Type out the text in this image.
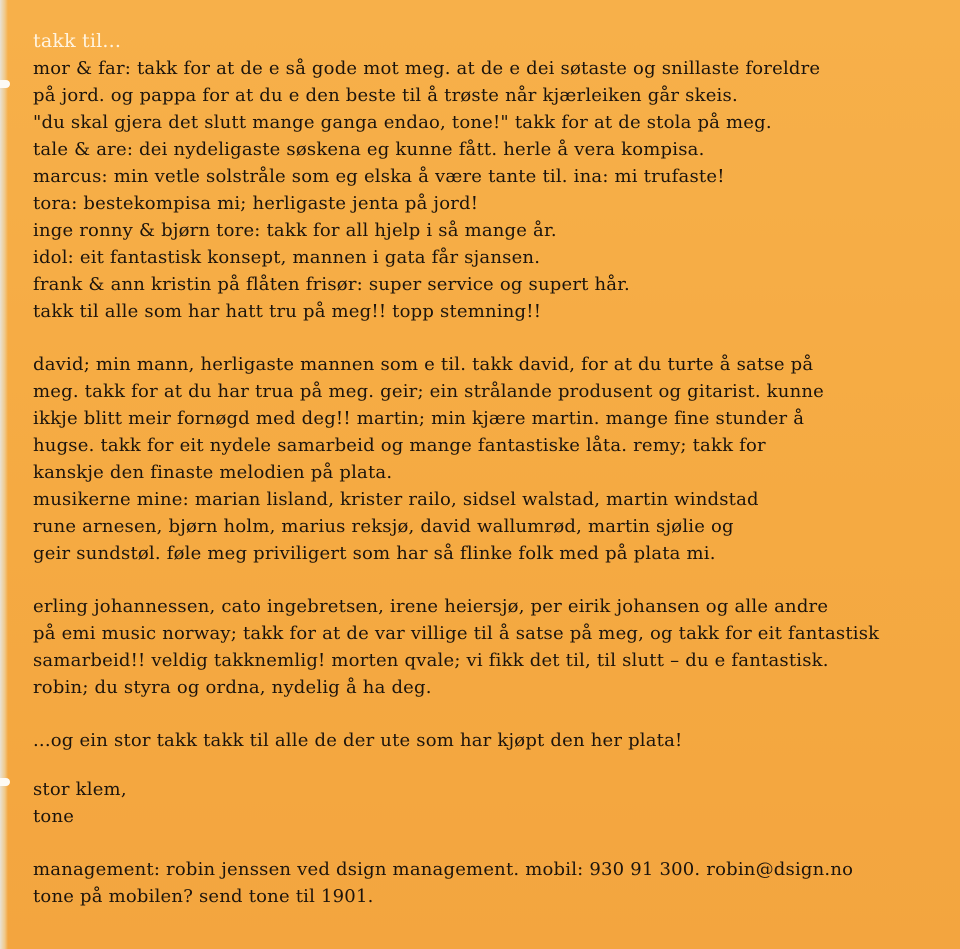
takk til...

mor & far: takk for at de e så gode mot meg. at de e dei søtaste og snillaste foreldre

på jord. og pappa for at du e den beste til å trøste når kjærleiken går skeis.

"du skal gjera det slutt mange ganga endao, tone!" takk for at de stola på meg.

tale & are: dei nydeligaste søskena eg kunne fått. herle å vera kompisa.

marcus: min vetle solstråle som eg elska å være tante til. ina: mi trufaste!

tora: bestekompisa mi; herligaste jenta på jord!

inge ronny & bjørn tore: takk for all hjelp i så mange år.

idol: eit fantastisk konsept, mannen i gata får sjansen.

frank & ann kristin på flåten frisør: super service og supert hår.

takk til alle som har hatt tru på meg!! topp stemning!!

david; min mann, herligaste mannen som e til. takk david, for at du turte å satse på

meg. takk for at du har trua på meg. geir; ein strålande produsent og gitarist. kunne

ikkje blitt meir fornøgd med deg!! martin; min kjære martin. mange fine stunder å

hugse. takk for eit nydele samarbeid og mange fantastiske låta. remy; takk for

kanskje den finaste melodien på plata.

musikerne mine: marian lisland, krister railo, sidsel walstad, martin windstad

rune arnesen, bjørn holm, marius reksjø, david wallumrød, martin sjølie og

geir sundstøl. føle meg priviligert som har så flinke folk med på plata mi.

erling johannessen, cato ingebretsen, irene heiersjø, per eirik johansen og alle andre

på emi music norway; takk for at de var villige til å satse på meg, og takk for eit fantastisk

samarbeid!! veldig takknemlig! morten qvale; vi fikk det til, til slutt – du e fantastisk.

robin; du styra og ordna, nydelig å ha deg.

...og ein stor takk takk til alle de der ute som har kjøpt den her plata!

stor klem,

tone

management: robin jenssen ved dsign management. mobil: 930 91 300. robin@dsign.no

tone på mobilen? send tone til 1901.
